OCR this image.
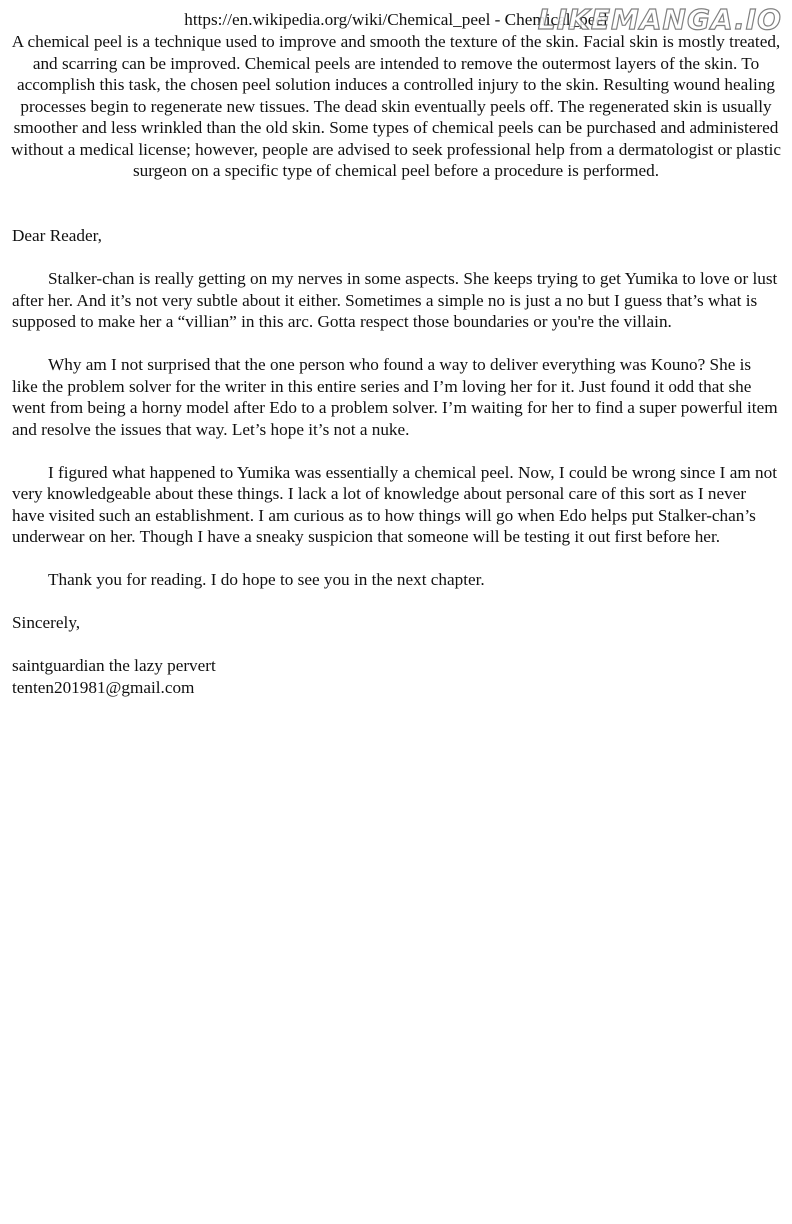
https://en.wikipedia.org/wiki/Chemical_peel - Chemical_peel

LIKEMANGA.IO

A chemical peel is a technique used to improve and smooth the texture of the skin. Facial skin is mostly treated, and scarring can be improved. Chemical peels are intended to remove the outermost layers of the skin. To accomplish this task, the chosen peel solution induces a controlled injury to the skin. Resulting wound healing processes begin to regenerate new tissues. The dead skin eventually peels off. The regenerated skin is usually smoother and less wrinkled than the old skin. Some types of chemical peels can be purchased and administered without a medical license; however, people are advised to seek professional help from a dermatologist or plastic surgeon on a specific type of chemical peel before a procedure is performed.

Dear Reader,

Stalker-chan is really getting on my nerves in some aspects. She keeps trying to get Yumika to love or lust after her. And it’s not very subtle about it either. Sometimes a simple no is just a no but I guess that’s what is supposed to make her a “villian” in this arc. Gotta respect those boundaries or you're the villain.

Why am I not surprised that the one person who found a way to deliver everything was Kouno? She is like the problem solver for the writer in this entire series and I’m loving her for it. Just found it odd that she went from being a horny model after Edo to a problem solver. I’m waiting for her to find a super powerful item and resolve the issues that way. Let’s hope it’s not a nuke.

I figured what happened to Yumika was essentially a chemical peel. Now, I could be wrong since I am not very knowledgeable about these things. I lack a lot of knowledge about personal care of this sort as I never have visited such an establishment. I am curious as to how things will go when Edo helps put Stalker-chan’s underwear on her. Though I have a sneaky suspicion that someone will be testing it out first before her.

Thank you for reading. I do hope to see you in the next chapter.

Sincerely,

saintguardian the lazy pervert

tenten201981@gmail.com
